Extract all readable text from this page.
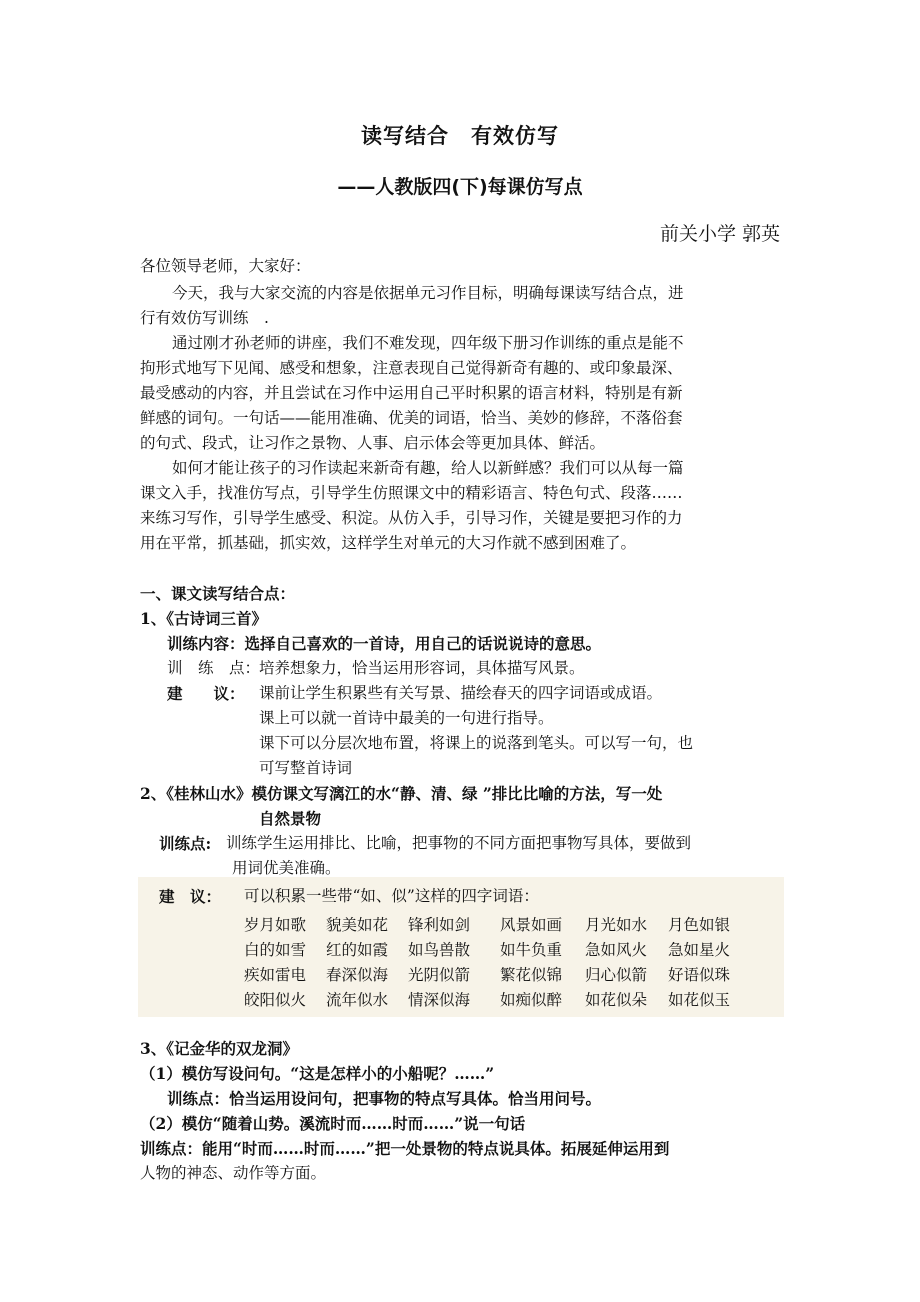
读写结合　有效仿写
——人教版四(下)每课仿写点
前关小学 郭英
各位领导老师，大家好：
今天，我与大家交流的内容是依据单元习作目标，明确每课读写结合点，进
行有效仿写训练　.
通过刚才孙老师的讲座，我们不难发现，四年级下册习作训练的重点是能不
拘形式地写下见闻、感受和想象，注意表现自己觉得新奇有趣的、或印象最深、
最受感动的内容，并且尝试在习作中运用自己平时积累的语言材料，特别是有新
鲜感的词句。一句话——能用准确、优美的词语，恰当、美妙的修辞，不落俗套
的句式、段式，让习作之景物、人事、启示体会等更加具体、鲜活。
如何才能让孩子的习作读起来新奇有趣，给人以新鲜感？我们可以从每一篇
课文入手，找准仿写点，引导学生仿照课文中的精彩语言、特色句式、段落……
来练习写作，引导学生感受、积淀。从仿入手，引导习作，关键是要把习作的力
用在平常，抓基础，抓实效，这样学生对单元的大习作就不感到困难了。
一、课文读写结合点：
1、《古诗词三首》
训练内容：选择自己喜欢的一首诗，用自己的话说说诗的意思。
训　练　点：
培养想象力，恰当运用形容词，具体描写风景。
建　　议： 课前让学生积累些有关写景、描绘春天的四字词语或成语。
课上可以就一首诗中最美的一句进行指导。
课下可以分层次地布置，将课上的说落到笔头。可以写一句，也
可写整首诗词
2、《桂林山水》模仿课文写漓江的水“静、清、绿 ”排比比喻的方法，写一处
自然景物
训练点: 训练学生运用排比、比喻，把事物的不同方面把事物写具体，要做到
用词优美准确。
建　议： 可以积累一些带“如、似”这样的四字词语：
岁月如歌 貌美如花 锋利如剑 风景如画 月光如水 月色如银
白的如雪 红的如霞 如鸟兽散 如牛负重 急如风火 急如星火
疾如雷电 春深似海 光阴似箭 繁花似锦 归心似箭 好语似珠
皎阳似火 流年似水 情深似海 如痴似醉 如花似朵 如花似玉
3、《记金华的双龙洞》
（1）模仿写设问句。“这是怎样小的小船呢？……”
训练点：恰当运用设问句，把事物的特点写具体。恰当用问号。
（2）模仿“随着山势。溪流时而……时而……”说一句话
训练点：能用“时而……时而……”把一处景物的特点说具体。拓展延伸运用到
人物的神态、动作等方面。
